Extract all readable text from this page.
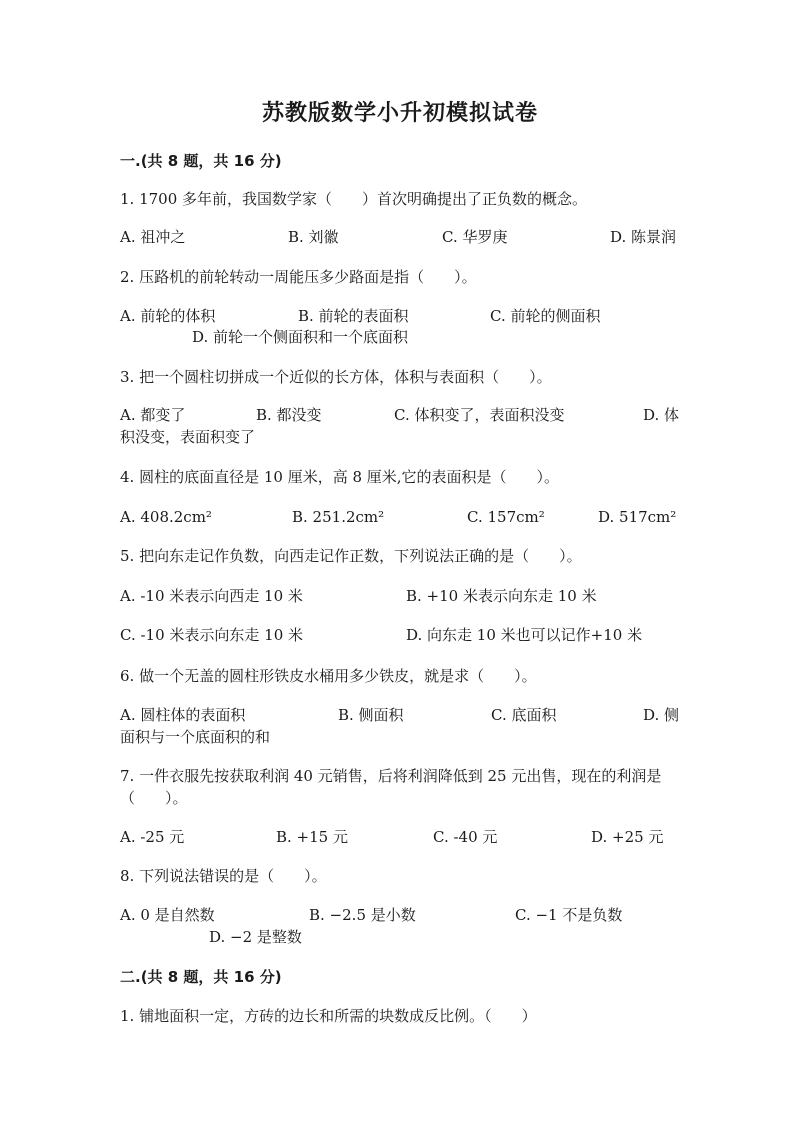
苏教版数学小升初模拟试卷
一.(共 8 题，共 16 分)
1. 1700 多年前，我国数学家（　　）首次明确提出了正负数的概念。
A. 祖冲之	B. 刘徽	C. 华罗庚	D. 陈景润
2. 压路机的前轮转动一周能压多少路面是指（　　）。
A. 前轮的体积	B. 前轮的表面积	C. 前轮的侧面积
D. 前轮一个侧面积和一个底面积
3. 把一个圆柱切拼成一个近似的长方体，体积与表面积（　　）。
A. 都变了	B. 都没变	C. 体积变了，表面积没变	D. 体
积没变，表面积变了
4. 圆柱的底面直径是 10 厘米，高 8 厘米,它的表面积是（　　）。
A. 408.2cm²	B. 251.2cm²	C. 157cm²	D. 517cm²
5. 把向东走记作负数，向西走记作正数，下列说法正确的是（　　）。
A. -10 米表示向西走 10 米	B. +10 米表示向东走 10 米
C. -10 米表示向东走 10 米	D. 向东走 10 米也可以记作+10 米
6. 做一个无盖的圆柱形铁皮水桶用多少铁皮，就是求（　　）。
A. 圆柱体的表面积	B. 侧面积	C. 底面积	D. 侧
面积与一个底面积的和
7. 一件衣服先按获取利润 40 元销售，后将利润降低到 25 元出售，现在的利润是（　　）。
A. -25 元	B. +15 元	C. -40 元	D. +25 元
8. 下列说法错误的是（　　）。
A. 0 是自然数	B. −2.5 是小数	C. −1 不是负数
D. −2 是整数
二.(共 8 题，共 16 分)
1. 铺地面积一定，方砖的边长和所需的块数成反比例。（　　）
